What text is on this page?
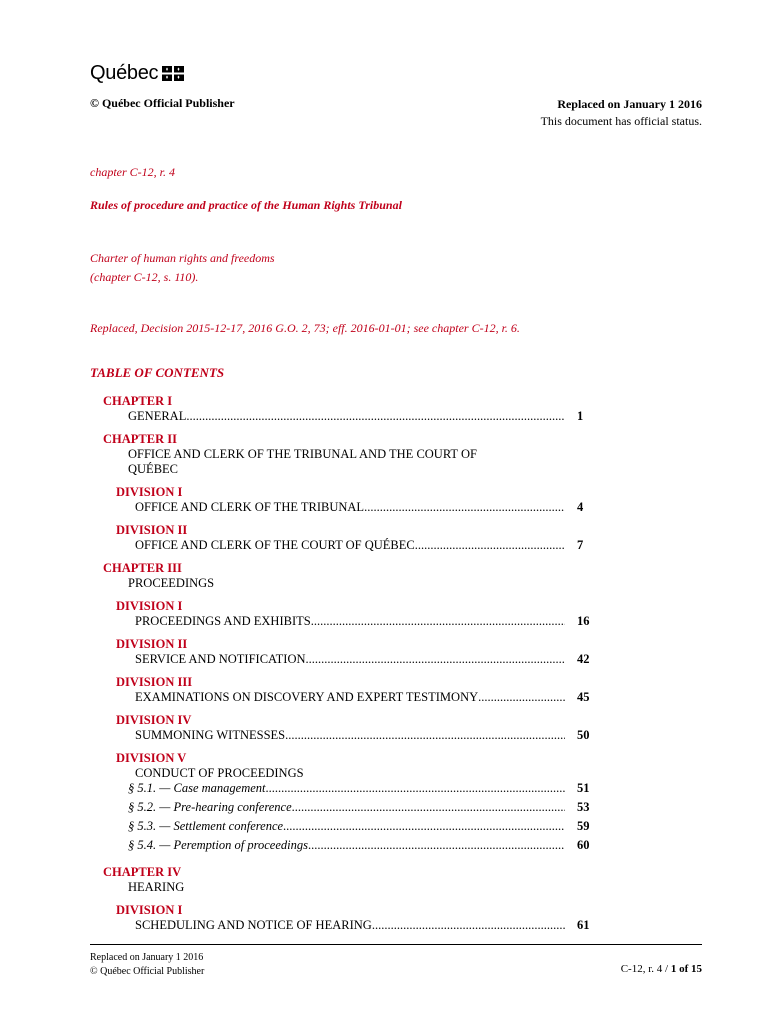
Québec
© Québec Official Publisher	Replaced on January 1 2016
This document has official status.
chapter C-12, r. 4
Rules of procedure and practice of the Human Rights Tribunal
Charter of human rights and freedoms
(chapter C-12, s. 110).
Replaced, Decision 2015-12-17, 2016 G.O. 2, 73; eff. 2016-01-01; see chapter C-12, r. 6.
TABLE OF CONTENTS
CHAPTER I
1
GENERAL
.....
CHAPTER II
OFFICE AND CLERK OF THE TRIBUNAL AND THE COURT OF
QUÉBEC
DIVISION I
4
OFFICE AND CLERK OF THE TRIBUNAL
.....
DIVISION II
7
OFFICE AND CLERK OF THE COURT OF QUÉBEC
.....
CHAPTER III
PROCEEDINGS
DIVISION I
16
PROCEEDINGS AND EXHIBITS
.....
DIVISION II
42
SERVICE AND NOTIFICATION
.....
DIVISION III
45
EXAMINATIONS ON DISCOVERY AND EXPERT TESTIMONY
.....
DIVISION IV
50
SUMMONING WITNESSES
.....
DIVISION V
CONDUCT OF PROCEEDINGS
51
§ 5.1. — Case management
.....
53
§ 5.2. — Pre-hearing conference
.....
59
§ 5.3. — Settlement conference
.....
60
§ 5.4. — Peremption of proceedings
.....
CHAPTER IV
HEARING
DIVISION I
61
SCHEDULING AND NOTICE OF HEARING
.....
Replaced on January 1 2016
© Québec Official Publisher	C-12, r. 4 / 1 of 15
